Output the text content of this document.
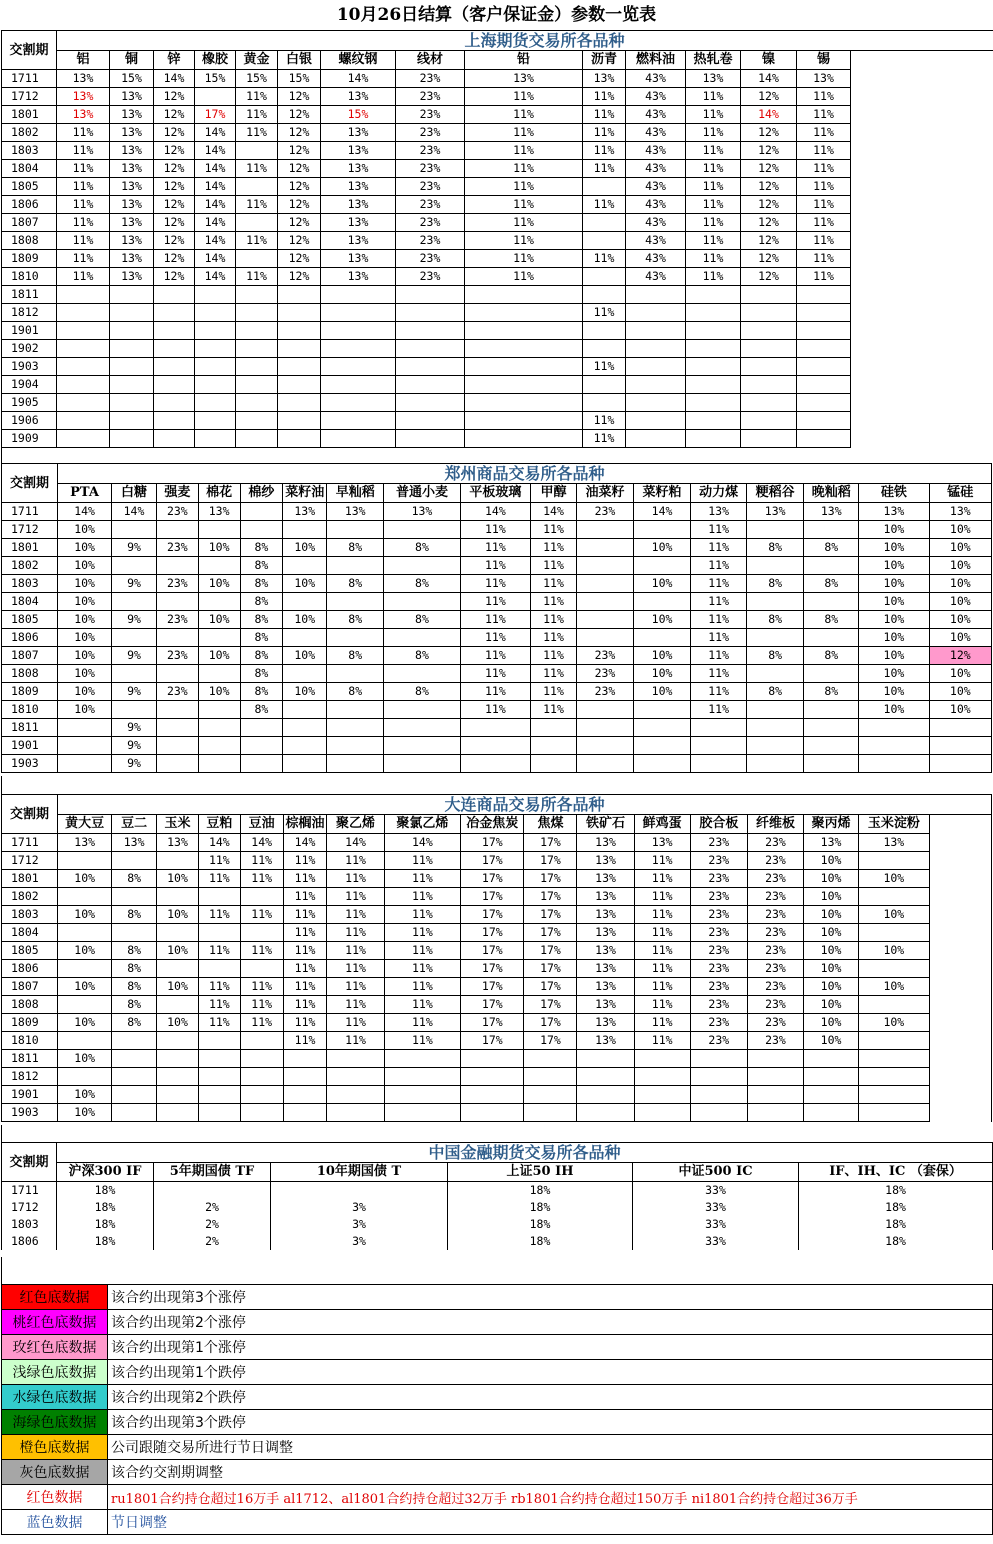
10月26日结算（客户保证金）参数一览表
交割期	上海期货交易所各品种														
	铝	铜	锌	橡胶	黄金	白银	螺纹钢	线材	铅	沥青	燃料油	热轧卷	镍	锡	
1711	13%	15%	14%	15%	15%	15%	14%	23%	13%	13%	43%	13%	14%	13%	
1712	13%	13%	12%		11%	12%	13%	23%	11%	11%	43%	11%	12%	11%	
1801	13%	13%	12%	17%	11%	12%	15%	23%	11%	11%	43%	11%	14%	11%	
1802	11%	13%	12%	14%	11%	12%	13%	23%	11%	11%	43%	11%	12%	11%	
1803	11%	13%	12%	14%		12%	13%	23%	11%	11%	43%	11%	12%	11%	
1804	11%	13%	12%	14%	11%	12%	13%	23%	11%	11%	43%	11%	12%	11%	
1805	11%	13%	12%	14%		12%	13%	23%	11%		43%	11%	12%	11%	
1806	11%	13%	12%	14%	11%	12%	13%	23%	11%	11%	43%	11%	12%	11%	
1807	11%	13%	12%	14%		12%	13%	23%	11%		43%	11%	12%	11%	
1808	11%	13%	12%	14%	11%	12%	13%	23%	11%		43%	11%	12%	11%	
1809	11%	13%	12%	14%		12%	13%	23%	11%	11%	43%	11%	12%	11%	
1810	11%	13%	12%	14%	11%	12%	13%	23%	11%		43%	11%	12%	11%	
1811															
1812										11%					
1901															
1902															
1903										11%					
1904															
1905															
1906										11%					
1909										11%					
交割期	郑州商品交易所各品种																
	PTA	白糖	强麦	棉花	棉纱	菜籽油	早籼稻	普通小麦	平板玻璃	甲醇	油菜籽	菜籽粕	动力煤	粳稻谷	晚籼稻	硅铁	锰硅
1711	14%	14%	23%	13%		13%	13%	13%	14%	14%	23%	14%	13%	13%	13%	13%	13%
1712	10%								11%	11%			11%			10%	10%
1801	10%	9%	23%	10%	8%	10%	8%	8%	11%	11%		10%	11%	8%	8%	10%	10%
1802	10%				8%				11%	11%			11%			10%	10%
1803	10%	9%	23%	10%	8%	10%	8%	8%	11%	11%		10%	11%	8%	8%	10%	10%
1804	10%				8%				11%	11%			11%			10%	10%
1805	10%	9%	23%	10%	8%	10%	8%	8%	11%	11%		10%	11%	8%	8%	10%	10%
1806	10%				8%				11%	11%			11%			10%	10%
1807	10%	9%	23%	10%	8%	10%	8%	8%	11%	11%	23%	10%	11%	8%	8%	10%	12%
1808	10%				8%				11%	11%	23%	10%	11%			10%	10%
1809	10%	9%	23%	10%	8%	10%	8%	8%	11%	11%	23%	10%	11%	8%	8%	10%	10%
1810	10%				8%				11%	11%			11%			10%	10%
1811		9%															
1901		9%															
1903		9%															
交割期	大连商品交易所各品种																
	黄大豆	豆二	玉米	豆粕	豆油	棕榈油	聚乙烯	聚氯乙烯	冶金焦炭	焦煤	铁矿石	鲜鸡蛋	胶合板	纤维板	聚丙烯	玉米淀粉	
1711	13%	13%	13%	14%	14%	14%	14%	14%	17%	17%	13%	13%	23%	23%	13%	13%	
1712				11%	11%	11%	11%	11%	17%	17%	13%	11%	23%	23%	10%		
1801	10%	8%	10%	11%	11%	11%	11%	11%	17%	17%	13%	11%	23%	23%	10%	10%	
1802						11%	11%	11%	17%	17%	13%	11%	23%	23%	10%		
1803	10%	8%	10%	11%	11%	11%	11%	11%	17%	17%	13%	11%	23%	23%	10%	10%	
1804						11%	11%	11%	17%	17%	13%	11%	23%	23%	10%		
1805	10%	8%	10%	11%	11%	11%	11%	11%	17%	17%	13%	11%	23%	23%	10%	10%	
1806		8%				11%	11%	11%	17%	17%	13%	11%	23%	23%	10%		
1807	10%	8%	10%	11%	11%	11%	11%	11%	17%	17%	13%	11%	23%	23%	10%	10%	
1808		8%		11%	11%	11%	11%	11%	17%	17%	13%	11%	23%	23%	10%		
1809	10%	8%	10%	11%	11%	11%	11%	11%	17%	17%	13%	11%	23%	23%	10%	10%	
1810						11%	11%	11%	17%	17%	13%	11%	23%	23%	10%		
1811	10%																
1812																	
1901	10%																
1903	10%																
交割期	中国金融期货交易所各品种					
	沪深300 IF	5年期国债 TF	10年期国债 T	上证50 IH	中证500 IC	IF、IH、IC （套保）
1711	18%			18%	33%	18%
1712	18%	2%	3%	18%	33%	18%
1803	18%	2%	3%	18%	33%	18%
1806	18%	2%	3%	18%	33%	18%
红色底数据	该合约出现第3个涨停
桃红色底数据	该合约出现第2个涨停
玫红色底数据	该合约出现第1个涨停
浅绿色底数据	该合约出现第1个跌停
水绿色底数据	该合约出现第2个跌停
海绿色底数据	该合约出现第3个跌停
橙色底数据	公司跟随交易所进行节日调整
灰色底数据	该合约交割期调整
红色数据	ru1801合约持仓超过16万手 al1712、al1801合约持仓超过32万手 rb1801合约持仓超过150万手 ni1801合约持仓超过36万手
蓝色数据	节日调整
